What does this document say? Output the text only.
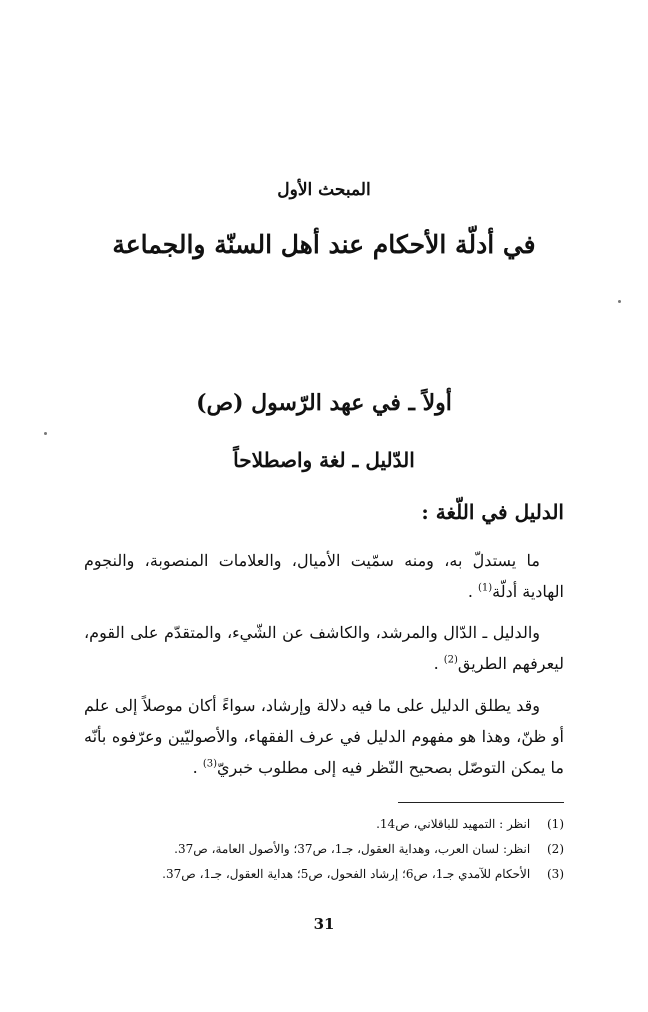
المبحث الأول
في أدلّة الأحكام عند أهل السنّة والجماعة
أولاً ـ في عهد الرّسول (ص)
الدّليل ـ لغة واصطلاحاً
الدليل في اللّغة :

ما يستدلّ به، ومنه سمّيت الأميال، والعلامات المنصوبة، والنجوم الهادية أدلّة$^{(1)}$ .

والدليل ـ الدّال والمرشد، والكاشف عن الشّيء، والمتقدّم على القوم، ليعرفهم الطريق$^{(2)}$ .

وقد يطلق الدليل على ما فيه دلالة وإرشاد، سواءً أكان موصلاً إلى علم أو ظنّ، وهذا هو مفهوم الدليل في عرف الفقهاء، والأصوليّين وعرّفوه بأنّه ما يمكن التوصّل بصحيح النّظر فيه إلى مطلوب خبريّ$^{(3)}$ .

(1) انظر : التمهيد للباقلاني، ص14.
(2) انظر: لسان العرب، وهداية العقول، جـ1، ص37؛ والأصول العامة، ص37.
(3) الأحكام للآمدي جـ1، ص6؛ إرشاد الفحول، ص5؛ هداية العقول، جـ1، ص37.
31
